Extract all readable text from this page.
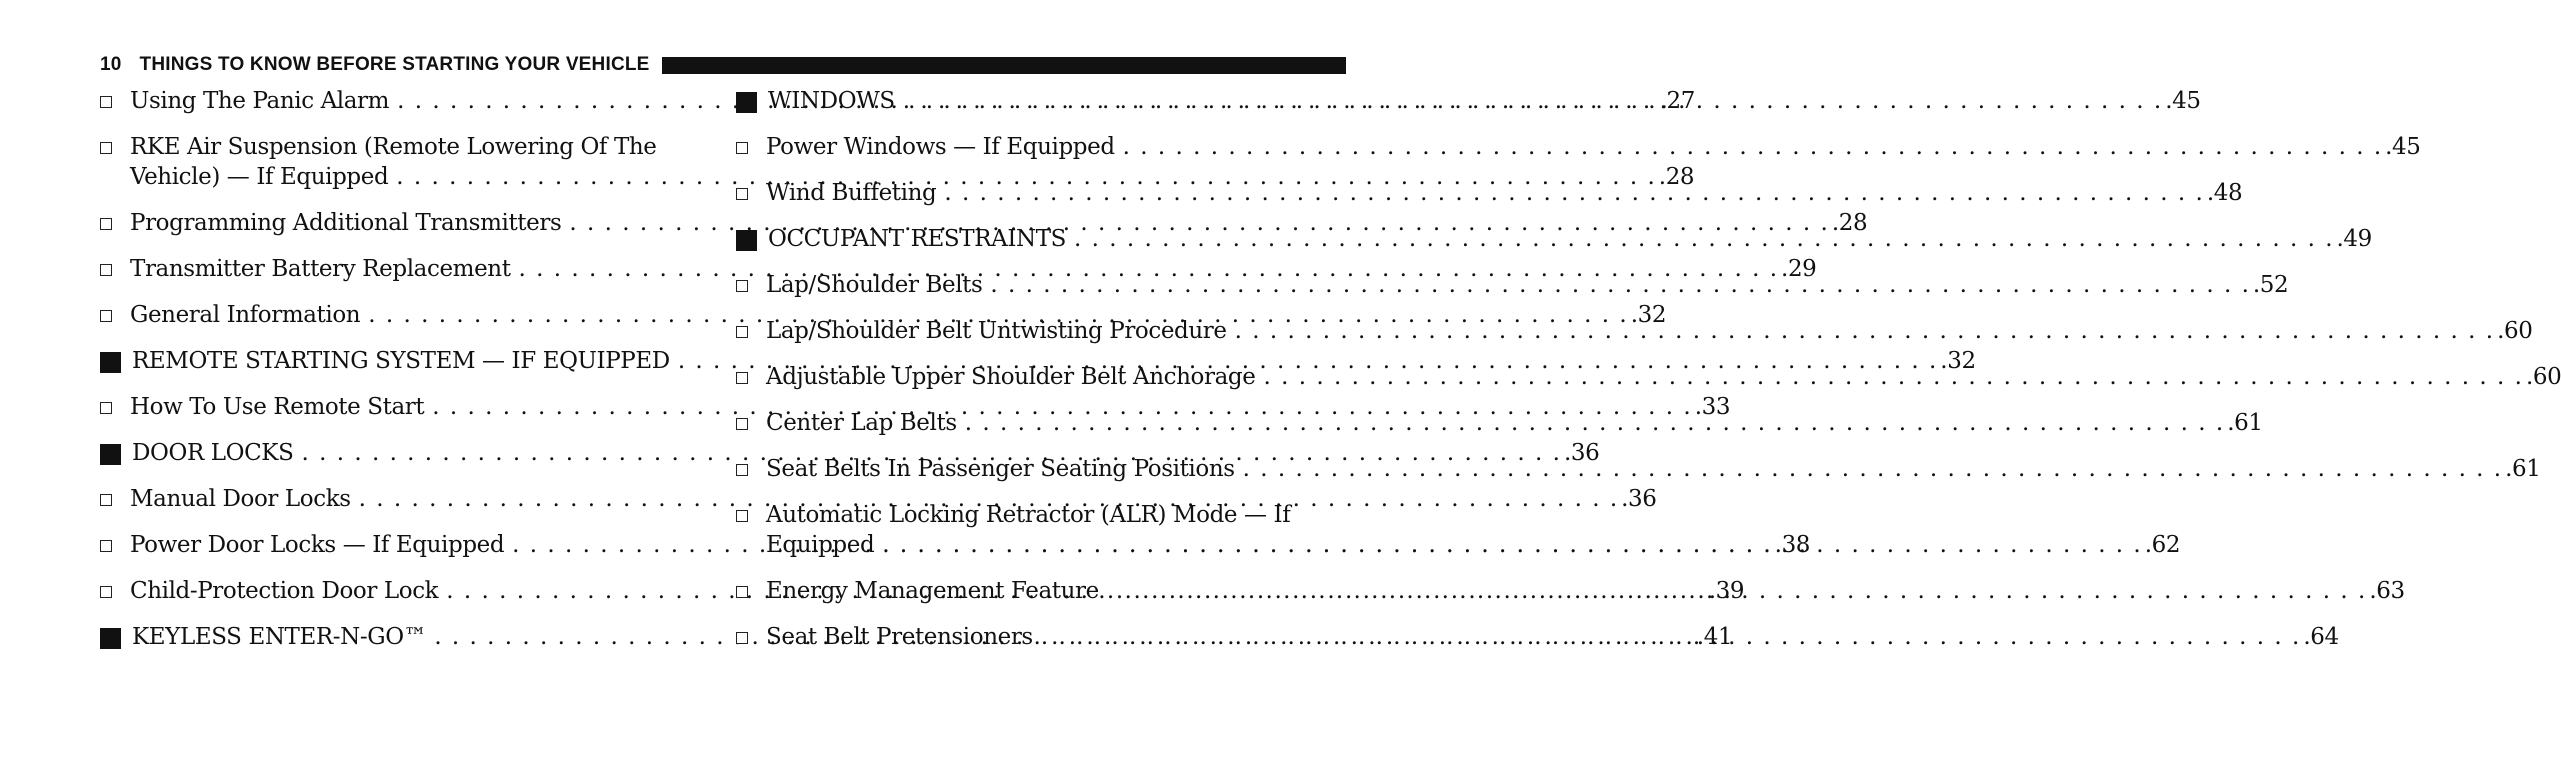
10 THINGS TO KNOW BEFORE STARTING YOUR VEHICLE
Using The Panic Alarm . . .	.27
RKE Air Suspension (Remote Lowering Of The
Vehicle) — If Equipped . . .	.28
Programming Additional Transmitters . . .	.28
Transmitter Battery Replacement . . .	.29
General Information . . .	.32
REMOTE STARTING SYSTEM — IF EQUIPPED . . .	.32
How To Use Remote Start . . .	.33
DOOR LOCKS . . .	.36
Manual Door Locks . . .	.36
Power Door Locks — If Equipped . . .	.38
Child-Protection Door Lock . . .	.39
KEYLESS ENTER-N-GO™ . . .	.41
WINDOWS . . .	.45
Power Windows — If Equipped . . .	.45
Wind Buffeting . . .	.48
OCCUPANT RESTRAINTS . . .	.49
Lap/Shoulder Belts . . .	.52
Lap/Shoulder Belt Untwisting Procedure . . .	.60
Adjustable Upper Shoulder Belt Anchorage . . .	.60
Center Lap Belts . . .	.61
Seat Belts In Passenger Seating Positions . . .	.61
Automatic Locking Retractor (ALR) Mode — If
Equipped . . .	.62
Energy Management Feature . . .	.63
Seat Belt Pretensioners . . .	.64
